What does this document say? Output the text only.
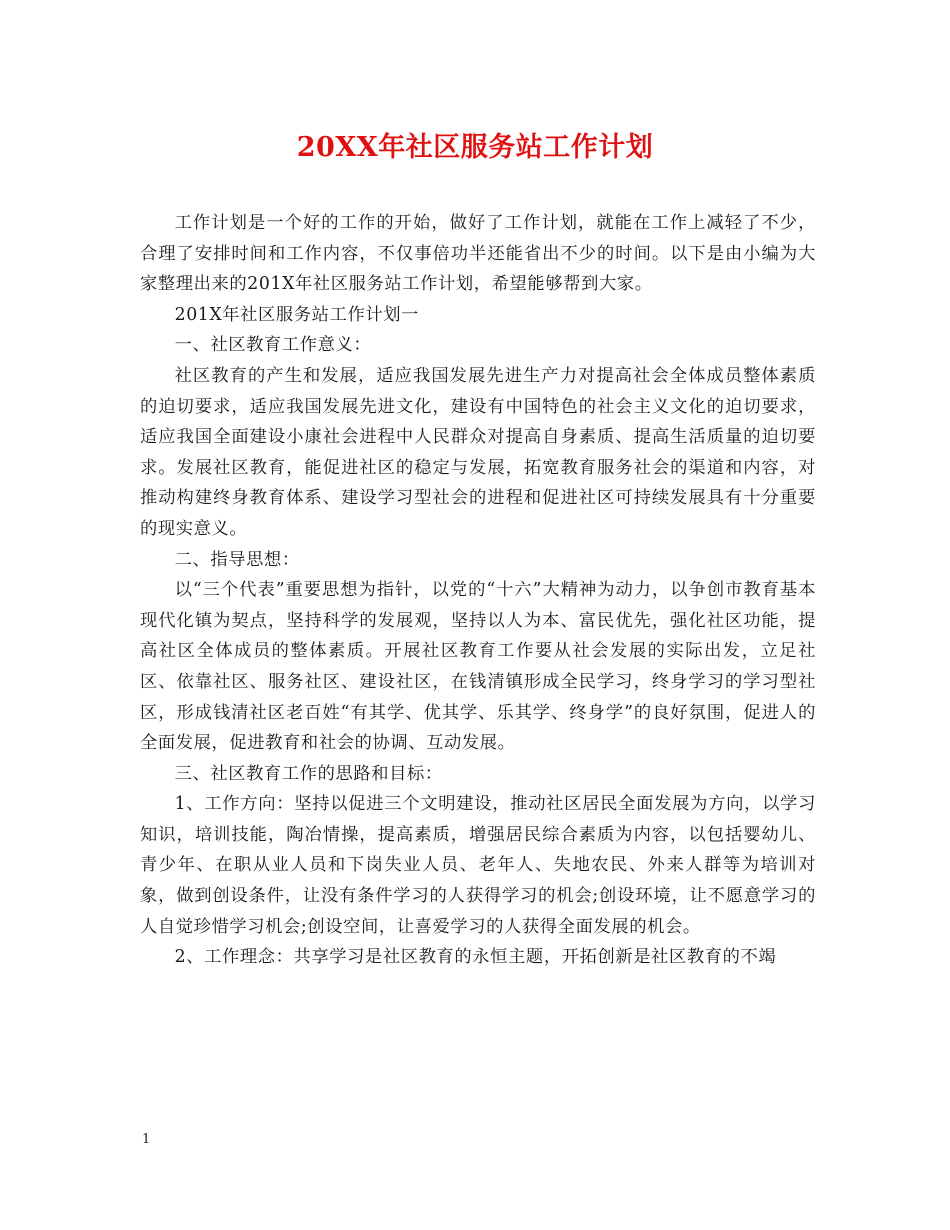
20XX年社区服务站工作计划

工作计划是一个好的工作的开始，做好了工作计划，就能在工作上减轻了不少，合理了安排时间和工作内容，不仅事倍功半还能省出不少的时间。以下是由小编为大家整理出来的201X年社区服务站工作计划，希望能够帮到大家。

201X年社区服务站工作计划一

一、社区教育工作意义：

社区教育的产生和发展，适应我国发展先进生产力对提高社会全体成员整体素质的迫切要求，适应我国发展先进文化，建设有中国特色的社会主义文化的迫切要求，适应我国全面建设小康社会进程中人民群众对提高自身素质、提高生活质量的迫切要求。发展社区教育，能促进社区的稳定与发展，拓宽教育服务社会的渠道和内容，对推动构建终身教育体系、建设学习型社会的进程和促进社区可持续发展具有十分重要的现实意义。

二、指导思想：

以“三个代表”重要思想为指针，以党的“十六”大精神为动力，以争创市教育基本现代化镇为契点，坚持科学的发展观，坚持以人为本、富民优先，强化社区功能，提高社区全体成员的整体素质。开展社区教育工作要从社会发展的实际出发，立足社区、依靠社区、服务社区、建设社区，在钱清镇形成全民学习，终身学习的学习型社区，形成钱清社区老百姓“有其学、优其学、乐其学、终身学”的良好氛围，促进人的全面发展，促进教育和社会的协调、互动发展。

三、社区教育工作的思路和目标：

1、工作方向：坚持以促进三个文明建设，推动社区居民全面发展为方向，以学习知识，培训技能，陶冶情操，提高素质，增强居民综合素质为内容，以包括婴幼儿、青少年、在职从业人员和下岗失业人员、老年人、失地农民、外来人群等为培训对象，做到创设条件，让没有条件学习的人获得学习的机会;创设环境，让不愿意学习的人自觉珍惜学习机会;创设空间，让喜爱学习的人获得全面发展的机会。

2、工作理念：共享学习是社区教育的永恒主题，开拓创新是社区教育的不竭

1
